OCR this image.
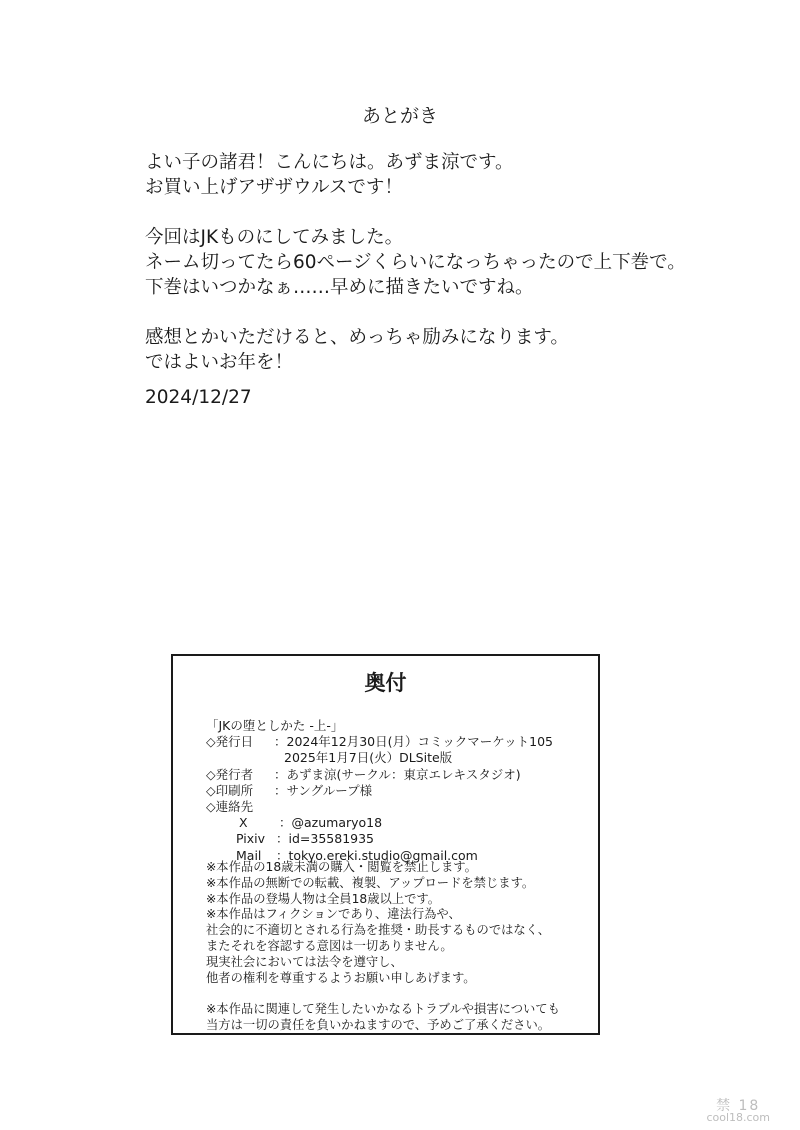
あとがき
よい子の諸君！こんにちは。あずま涼です。
お買い上げアザザウルスです！
今回はJKものにしてみました。
ネーム切ってたら60ページくらいになっちゃったので上下巻で。
下巻はいつかなぁ……早めに描きたいですね。
感想とかいただけると、めっちゃ励みになります。
ではよいお年を！
2024/12/27
奥付
「JKの堕としかた -上-」
◇発行日	：2024年12月30日(月）コミックマーケット105
2025年1月7日(火）DLSite版
◇発行者	：あずま涼(サークル：東京エレキスタジオ)
◇印刷所	：サングループ様
◇連絡先
X	：@azumaryo18
Pixiv ：id=35581935
Mail	：tokyo.ereki.studio@gmail.com
※本作品の18歳未満の購入・閲覧を禁止します。
※本作品の無断での転載、複製、アップロードを禁じます。
※本作品の登場人物は全員18歳以上です。
※本作品はフィクションであり、違法行為や、
社会的に不適切とされる行為を推奨・助長するものではなく、
またそれを容認する意図は一切ありません。
現実社会においては法令を遵守し、
他者の権利を尊重するようお願い申しあげます。
※本作品に関連して発生したいかなるトラブルや損害についても
当方は一切の責任を負いかねますので、予めご了承ください。
禁 18
cool18.com
